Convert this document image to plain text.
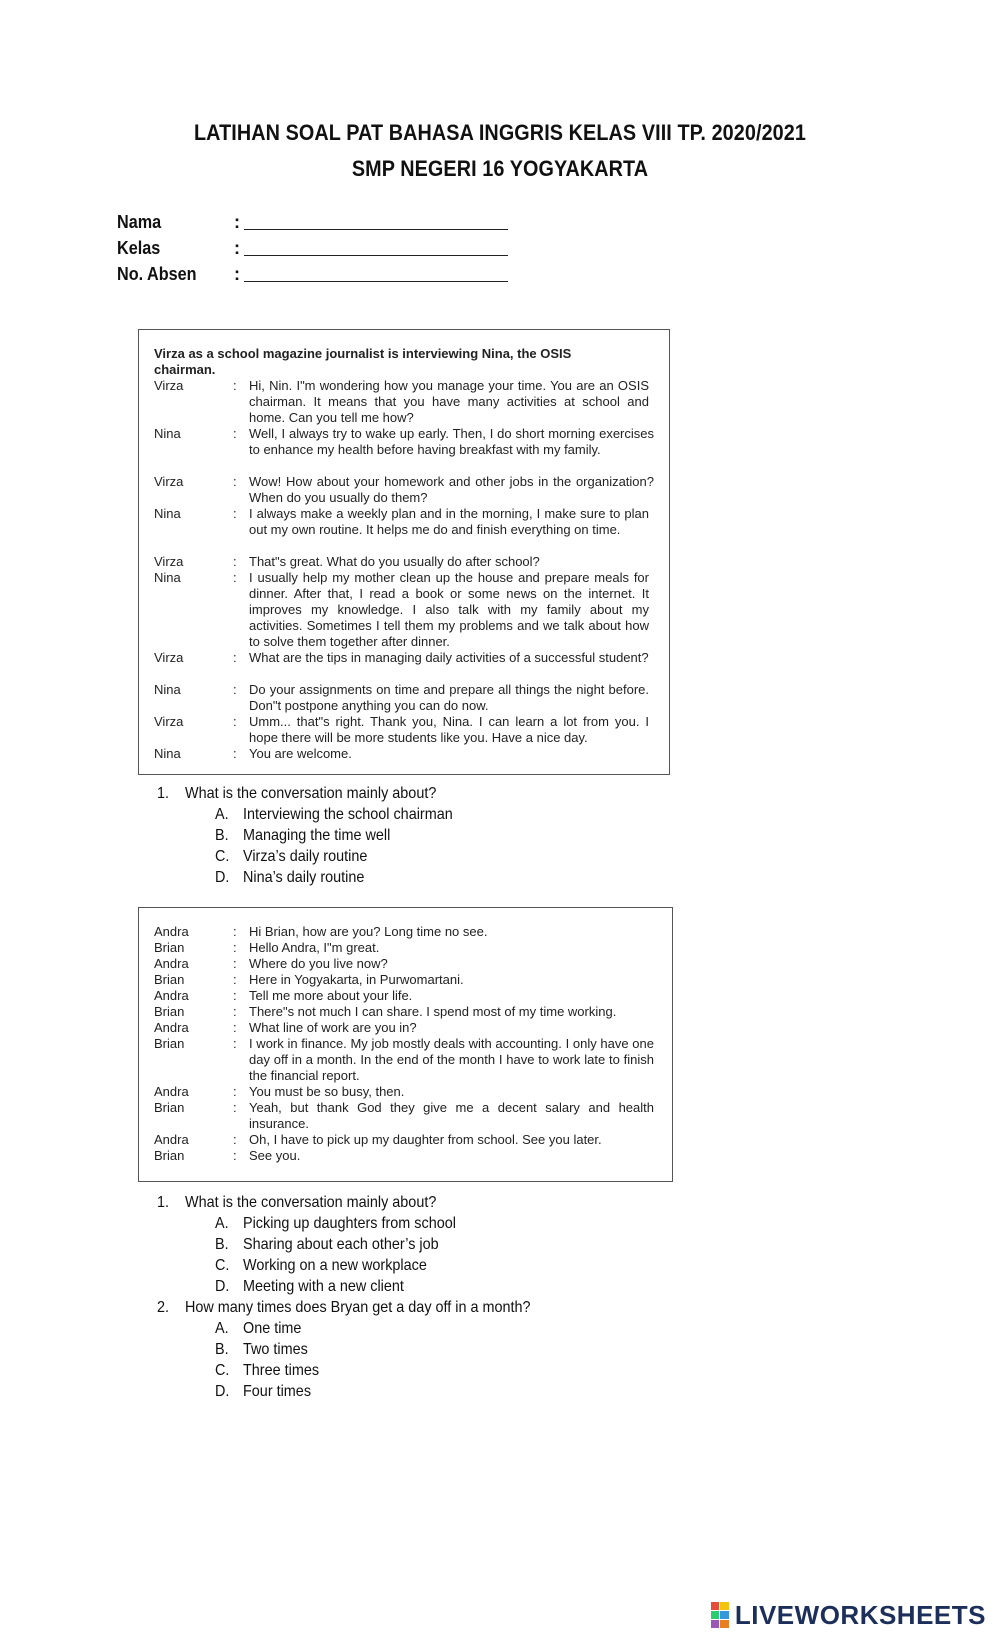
LATIHAN SOAL PAT BAHASA INGGRIS KELAS VIII TP. 2020/2021
SMP NEGERI 16 YOGYAKARTA
Nama	:
Kelas	:
No. Absen :
Virza as a school magazine journalist is interviewing Nina, the OSIS chairman.
Virza	: Hi, Nin. I"m wondering how you manage your time. You are an OSIS chairman. It means that you have many activities at school and home. Can you tell me how?
Nina	: Well, I always try to wake up early. Then, I do short morning exercises to enhance my health before having breakfast with my family.
Virza	: Wow! How about your homework and other jobs in the organization? When do you usually do them?
Nina	: I always make a weekly plan and in the morning, I make sure to plan out my own routine. It helps me do and finish everything on time.
Virza	: That"s great. What do you usually do after school?
Nina	: I usually help my mother clean up the house and prepare meals for dinner. After that, I read a book or some news on the internet. It improves my knowledge. I also talk with my family about my activities. Sometimes I tell them my problems and we talk about how to solve them together after dinner.
Virza	: What are the tips in managing daily activities of a successful student?
Nina	: Do your assignments on time and prepare all things the night before. Don"t postpone anything you can do now.
Virza	: Umm... that"s right. Thank you, Nina. I can learn a lot from you. I hope there will be more students like you. Have a nice day.
Nina	: You are welcome.
1. What is the conversation mainly about?
A. Interviewing the school chairman
B. Managing the time well
C. Virza’s daily routine
D. Nina’s daily routine
Andra	: Hi Brian, how are you? Long time no see.
Brian	: Hello Andra, I"m great.
Andra	: Where do you live now?
Brian	: Here in Yogyakarta, in Purwomartani.
Andra	: Tell me more about your life.
Brian	: There"s not much I can share. I spend most of my time working.
Andra	: What line of work are you in?
Brian	: I work in finance. My job mostly deals with accounting. I only have one day off in a month. In the end of the month I have to work late to finish the financial report.
Andra	: You must be so busy, then.
Brian	: Yeah, but thank God they give me a decent salary and health insurance.
Andra	: Oh, I have to pick up my daughter from school. See you later.
Brian	: See you.
1. What is the conversation mainly about?
A. Picking up daughters from school
B. Sharing about each other’s job
C. Working on a new workplace
D. Meeting with a new client
2. How many times does Bryan get a day off in a month?
A. One time
B. Two times
C. Three times
D. Four times
LIVEWORKSHEETS
